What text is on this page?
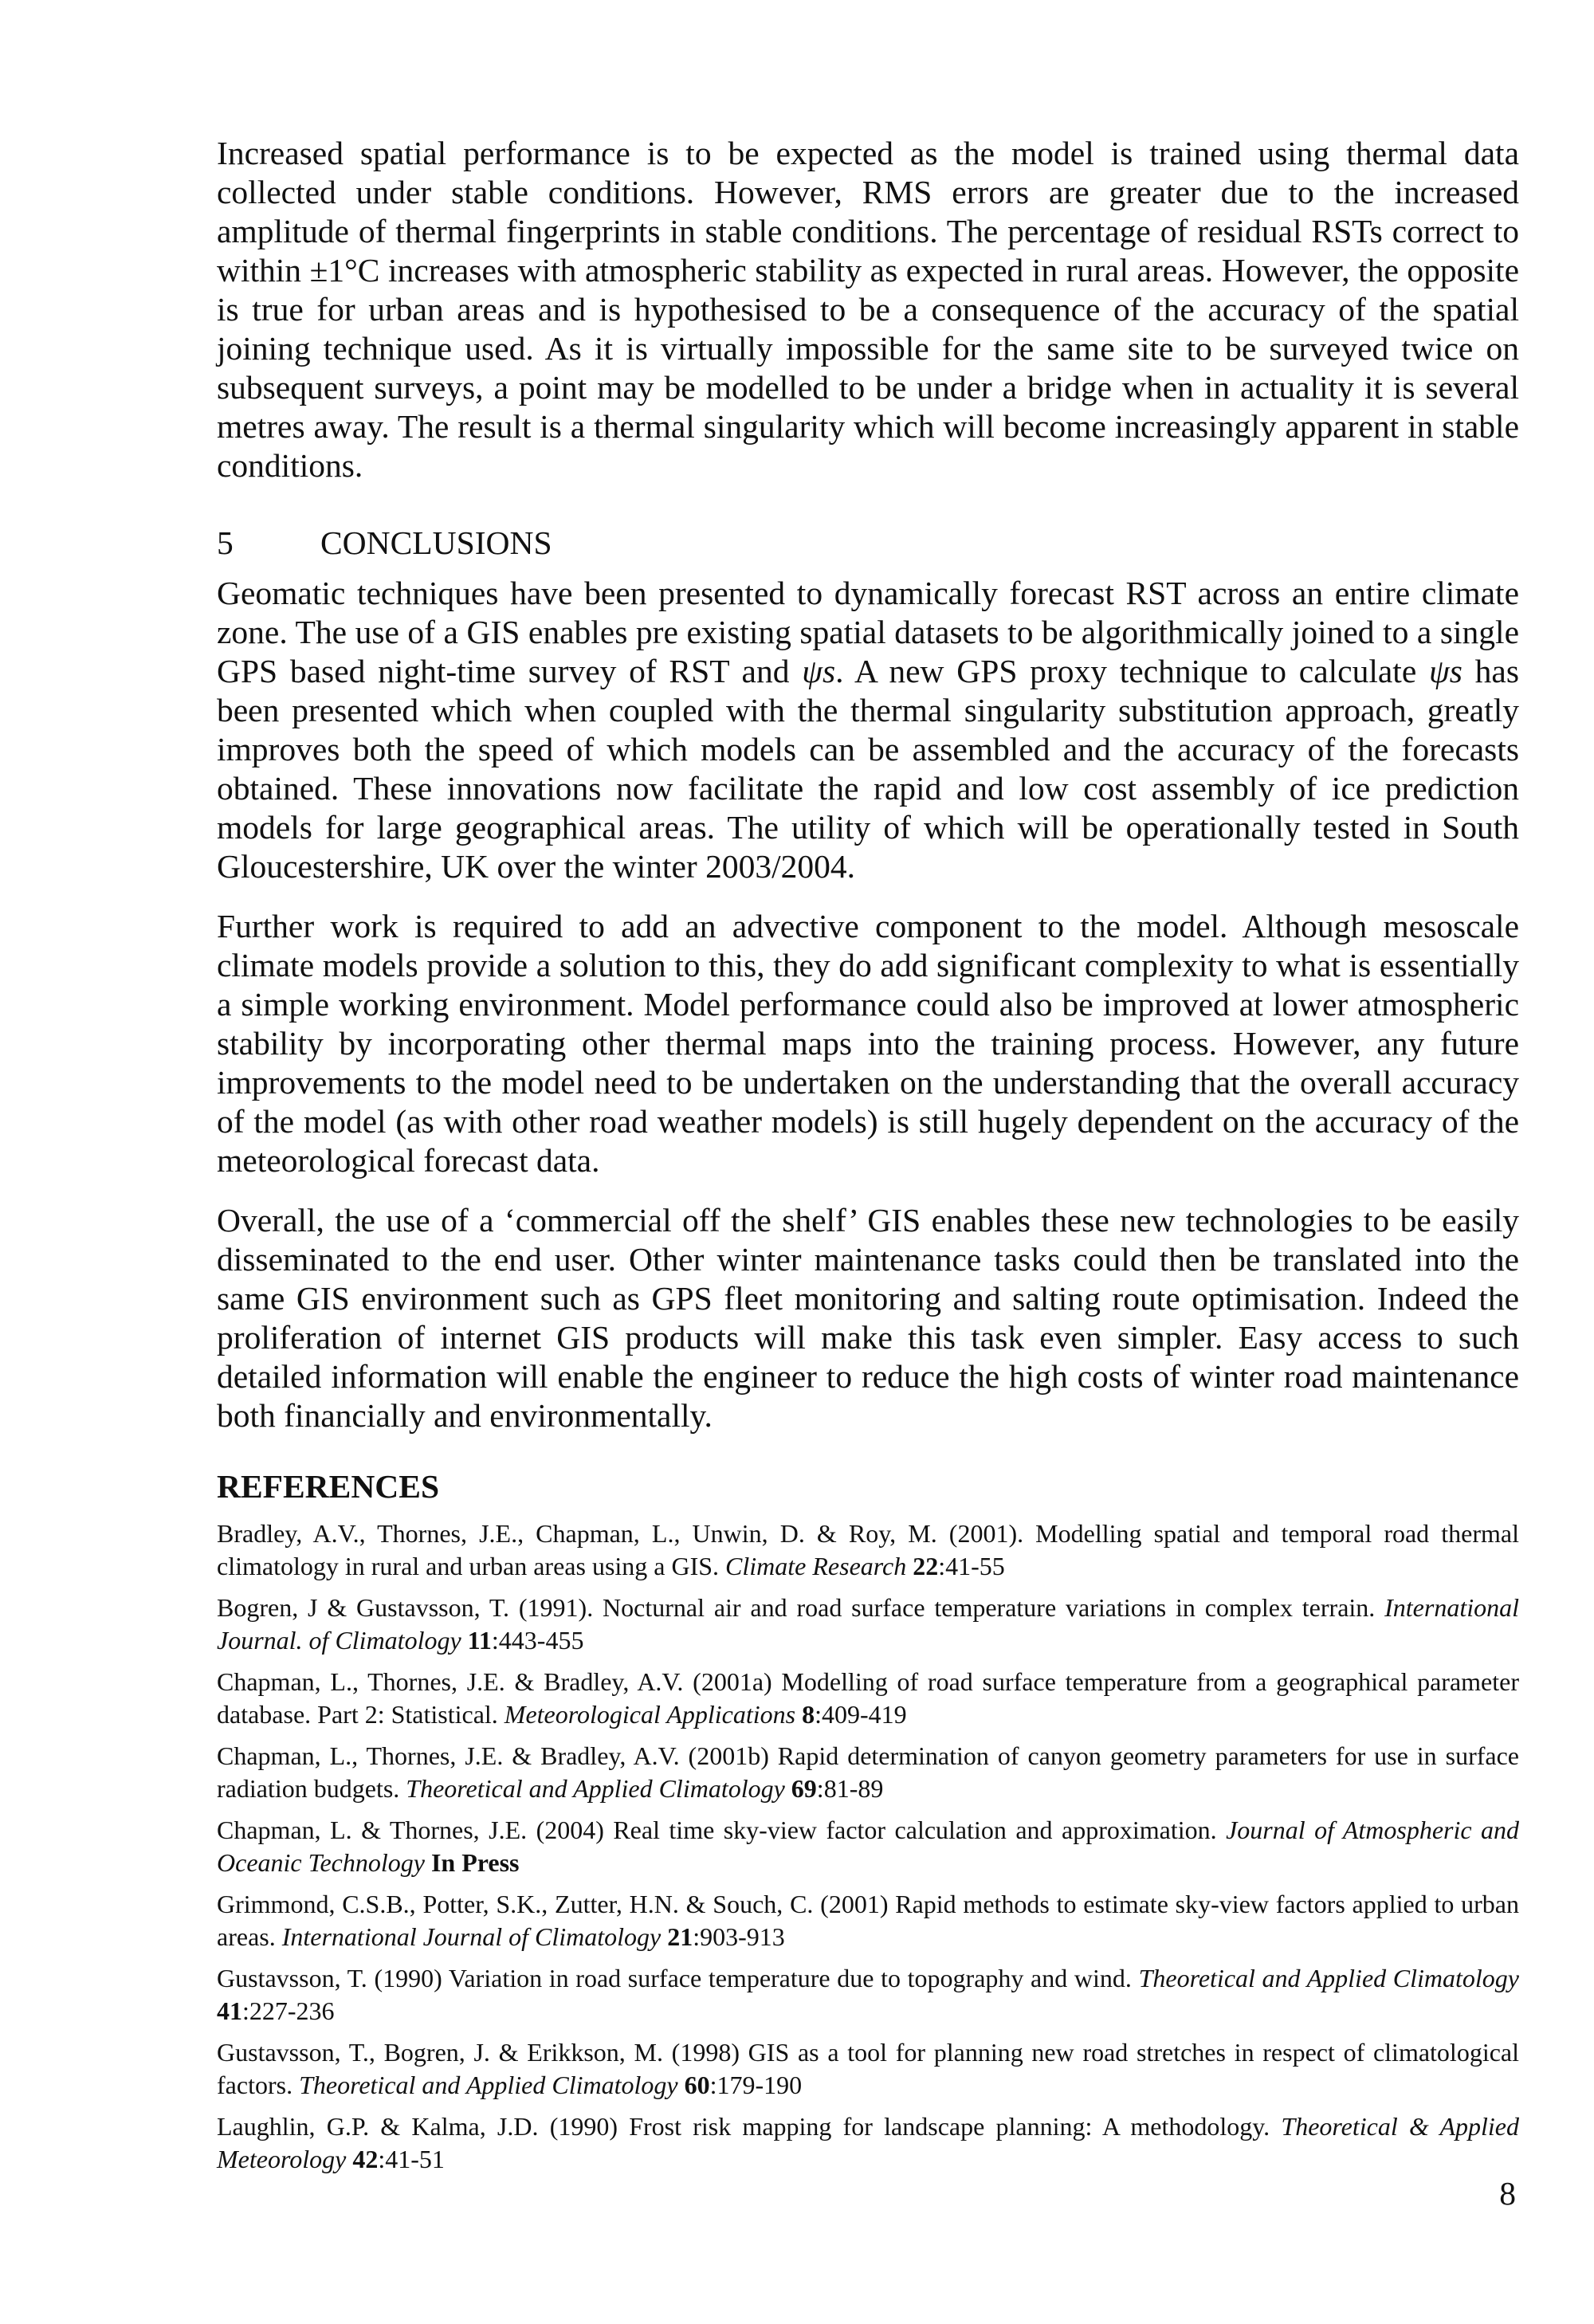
Increased spatial performance is to be expected as the model is trained using thermal data collected under stable conditions. However, RMS errors are greater due to the increased amplitude of thermal fingerprints in stable conditions. The percentage of residual RSTs correct to within ±1°C increases with atmospheric stability as expected in rural areas. However, the opposite is true for urban areas and is hypothesised to be a consequence of the accuracy of the spatial joining technique used. As it is virtually impossible for the same site to be surveyed twice on subsequent surveys, a point may be modelled to be under a bridge when in actuality it is several metres away. The result is a thermal singularity which will become increasingly apparent in stable conditions.

5	CONCLUSIONS

Geomatic techniques have been presented to dynamically forecast RST across an entire climate zone. The use of a GIS enables pre existing spatial datasets to be algorithmically joined to a single GPS based night-time survey of RST and ψs. A new GPS proxy technique to calculate ψs has been presented which when coupled with the thermal singularity substitution approach, greatly improves both the speed of which models can be assembled and the accuracy of the forecasts obtained. These innovations now facilitate the rapid and low cost assembly of ice prediction models for large geographical areas. The utility of which will be operationally tested in South Gloucestershire, UK over the winter 2003/2004.

Further work is required to add an advective component to the model. Although mesoscale climate models provide a solution to this, they do add significant complexity to what is essentially a simple working environment. Model performance could also be improved at lower atmospheric stability by incorporating other thermal maps into the training process. However, any future improvements to the model need to be undertaken on the understanding that the overall accuracy of the model (as with other road weather models) is still hugely dependent on the accuracy of the meteorological forecast data.

Overall, the use of a ‘commercial off the shelf’ GIS enables these new technologies to be easily disseminated to the end user. Other winter maintenance tasks could then be translated into the same GIS environment such as GPS fleet monitoring and salting route optimisation. Indeed the proliferation of internet GIS products will make this task even simpler. Easy access to such detailed information will enable the engineer to reduce the high costs of winter road maintenance both financially and environmentally.

REFERENCES

Bradley, A.V., Thornes, J.E., Chapman, L., Unwin, D. & Roy, M. (2001). Modelling spatial and temporal road thermal climatology in rural and urban areas using a GIS. Climate Research 22:41-55

Bogren, J & Gustavsson, T. (1991). Nocturnal air and road surface temperature variations in complex terrain. International Journal. of Climatology 11:443-455

Chapman, L., Thornes, J.E. & Bradley, A.V. (2001a) Modelling of road surface temperature from a geographical parameter database. Part 2: Statistical. Meteorological Applications 8:409-419

Chapman, L., Thornes, J.E. & Bradley, A.V. (2001b) Rapid determination of canyon geometry parameters for use in surface radiation budgets. Theoretical and Applied Climatology 69:81-89

Chapman, L. & Thornes, J.E. (2004) Real time sky-view factor calculation and approximation. Journal of Atmospheric and Oceanic Technology In Press

Grimmond, C.S.B., Potter, S.K., Zutter, H.N. & Souch, C. (2001) Rapid methods to estimate sky-view factors applied to urban areas. International Journal of Climatology 21:903-913

Gustavsson, T. (1990) Variation in road surface temperature due to topography and wind. Theoretical and Applied Climatology 41:227-236

Gustavsson, T., Bogren, J. & Erikkson, M. (1998) GIS as a tool for planning new road stretches in respect of climatological factors. Theoretical and Applied Climatology 60:179-190

Laughlin, G.P. & Kalma, J.D. (1990) Frost risk mapping for landscape planning: A methodology. Theoretical & Applied Meteorology 42:41-51

8
